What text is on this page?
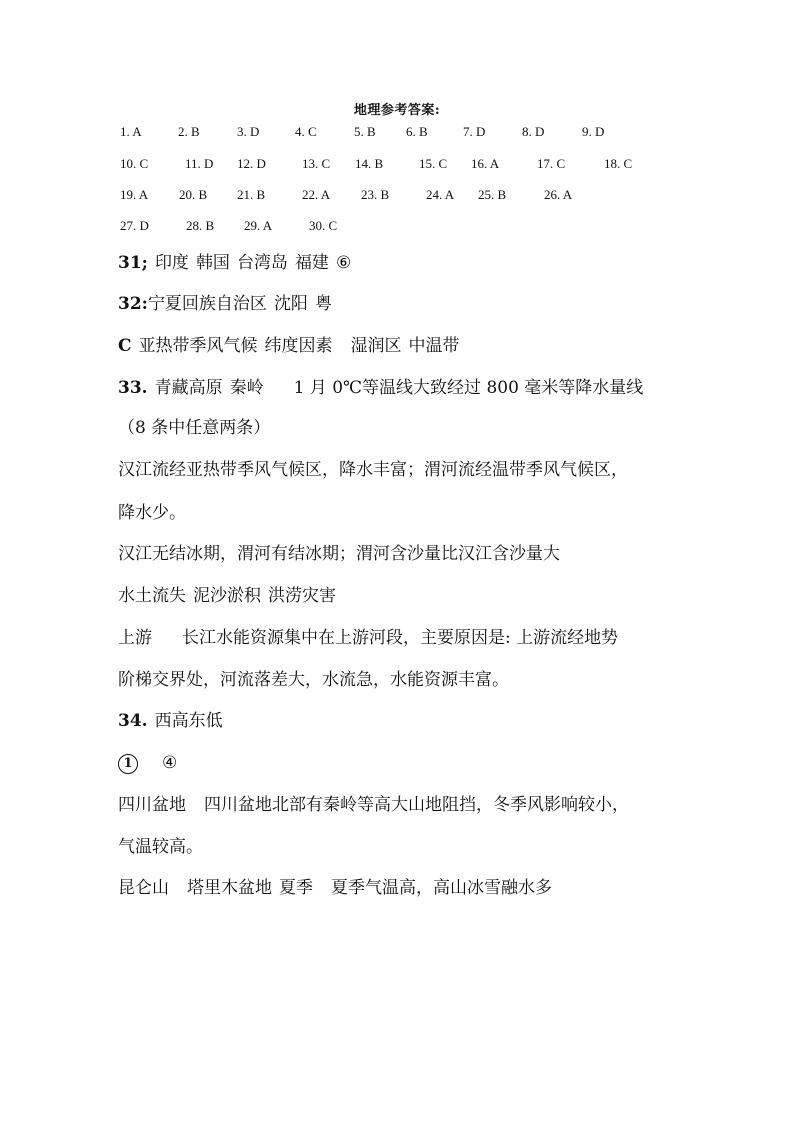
地理参考答案:
1. A	2. B	3. D	4. C	5. B 6. B	7. D	8. D	9. D
10. C	11. D 12. D	13. C 14. B	15. C 16. A	17. C	18. C
19. A 20. B 21. B	22. A 23. B	24. A 25. B	26. A
27. D	28. B 29. A	30. C
31; 印度 韩国 台湾岛 福建 ⑥
32:宁夏回族自治区 沈阳 粤
C 亚热带季风气候 纬度因素 湿润区 中温带
33. 青藏高原 秦岭 1 月 0℃等温线大致经过 800 毫米等降水量线
（8 条中任意两条）
汉江流经亚热带季风气候区，降水丰富；渭河流经温带季风气候区，
降水少。
汉江无结冰期，渭河有结冰期；渭河含沙量比汉江含沙量大
水土流失 泥沙淤积 洪涝灾害
上游 长江水能资源集中在上游河段，主要原因是: 上游流经地势
阶梯交界处，河流落差大，水流急，水能资源丰富。
34. 西高东低
1 ④
四川盆地 四川盆地北部有秦岭等高大山地阻挡，冬季风影响较小，
气温较高。
昆仑山 塔里木盆地 夏季 夏季气温高，高山冰雪融水多
